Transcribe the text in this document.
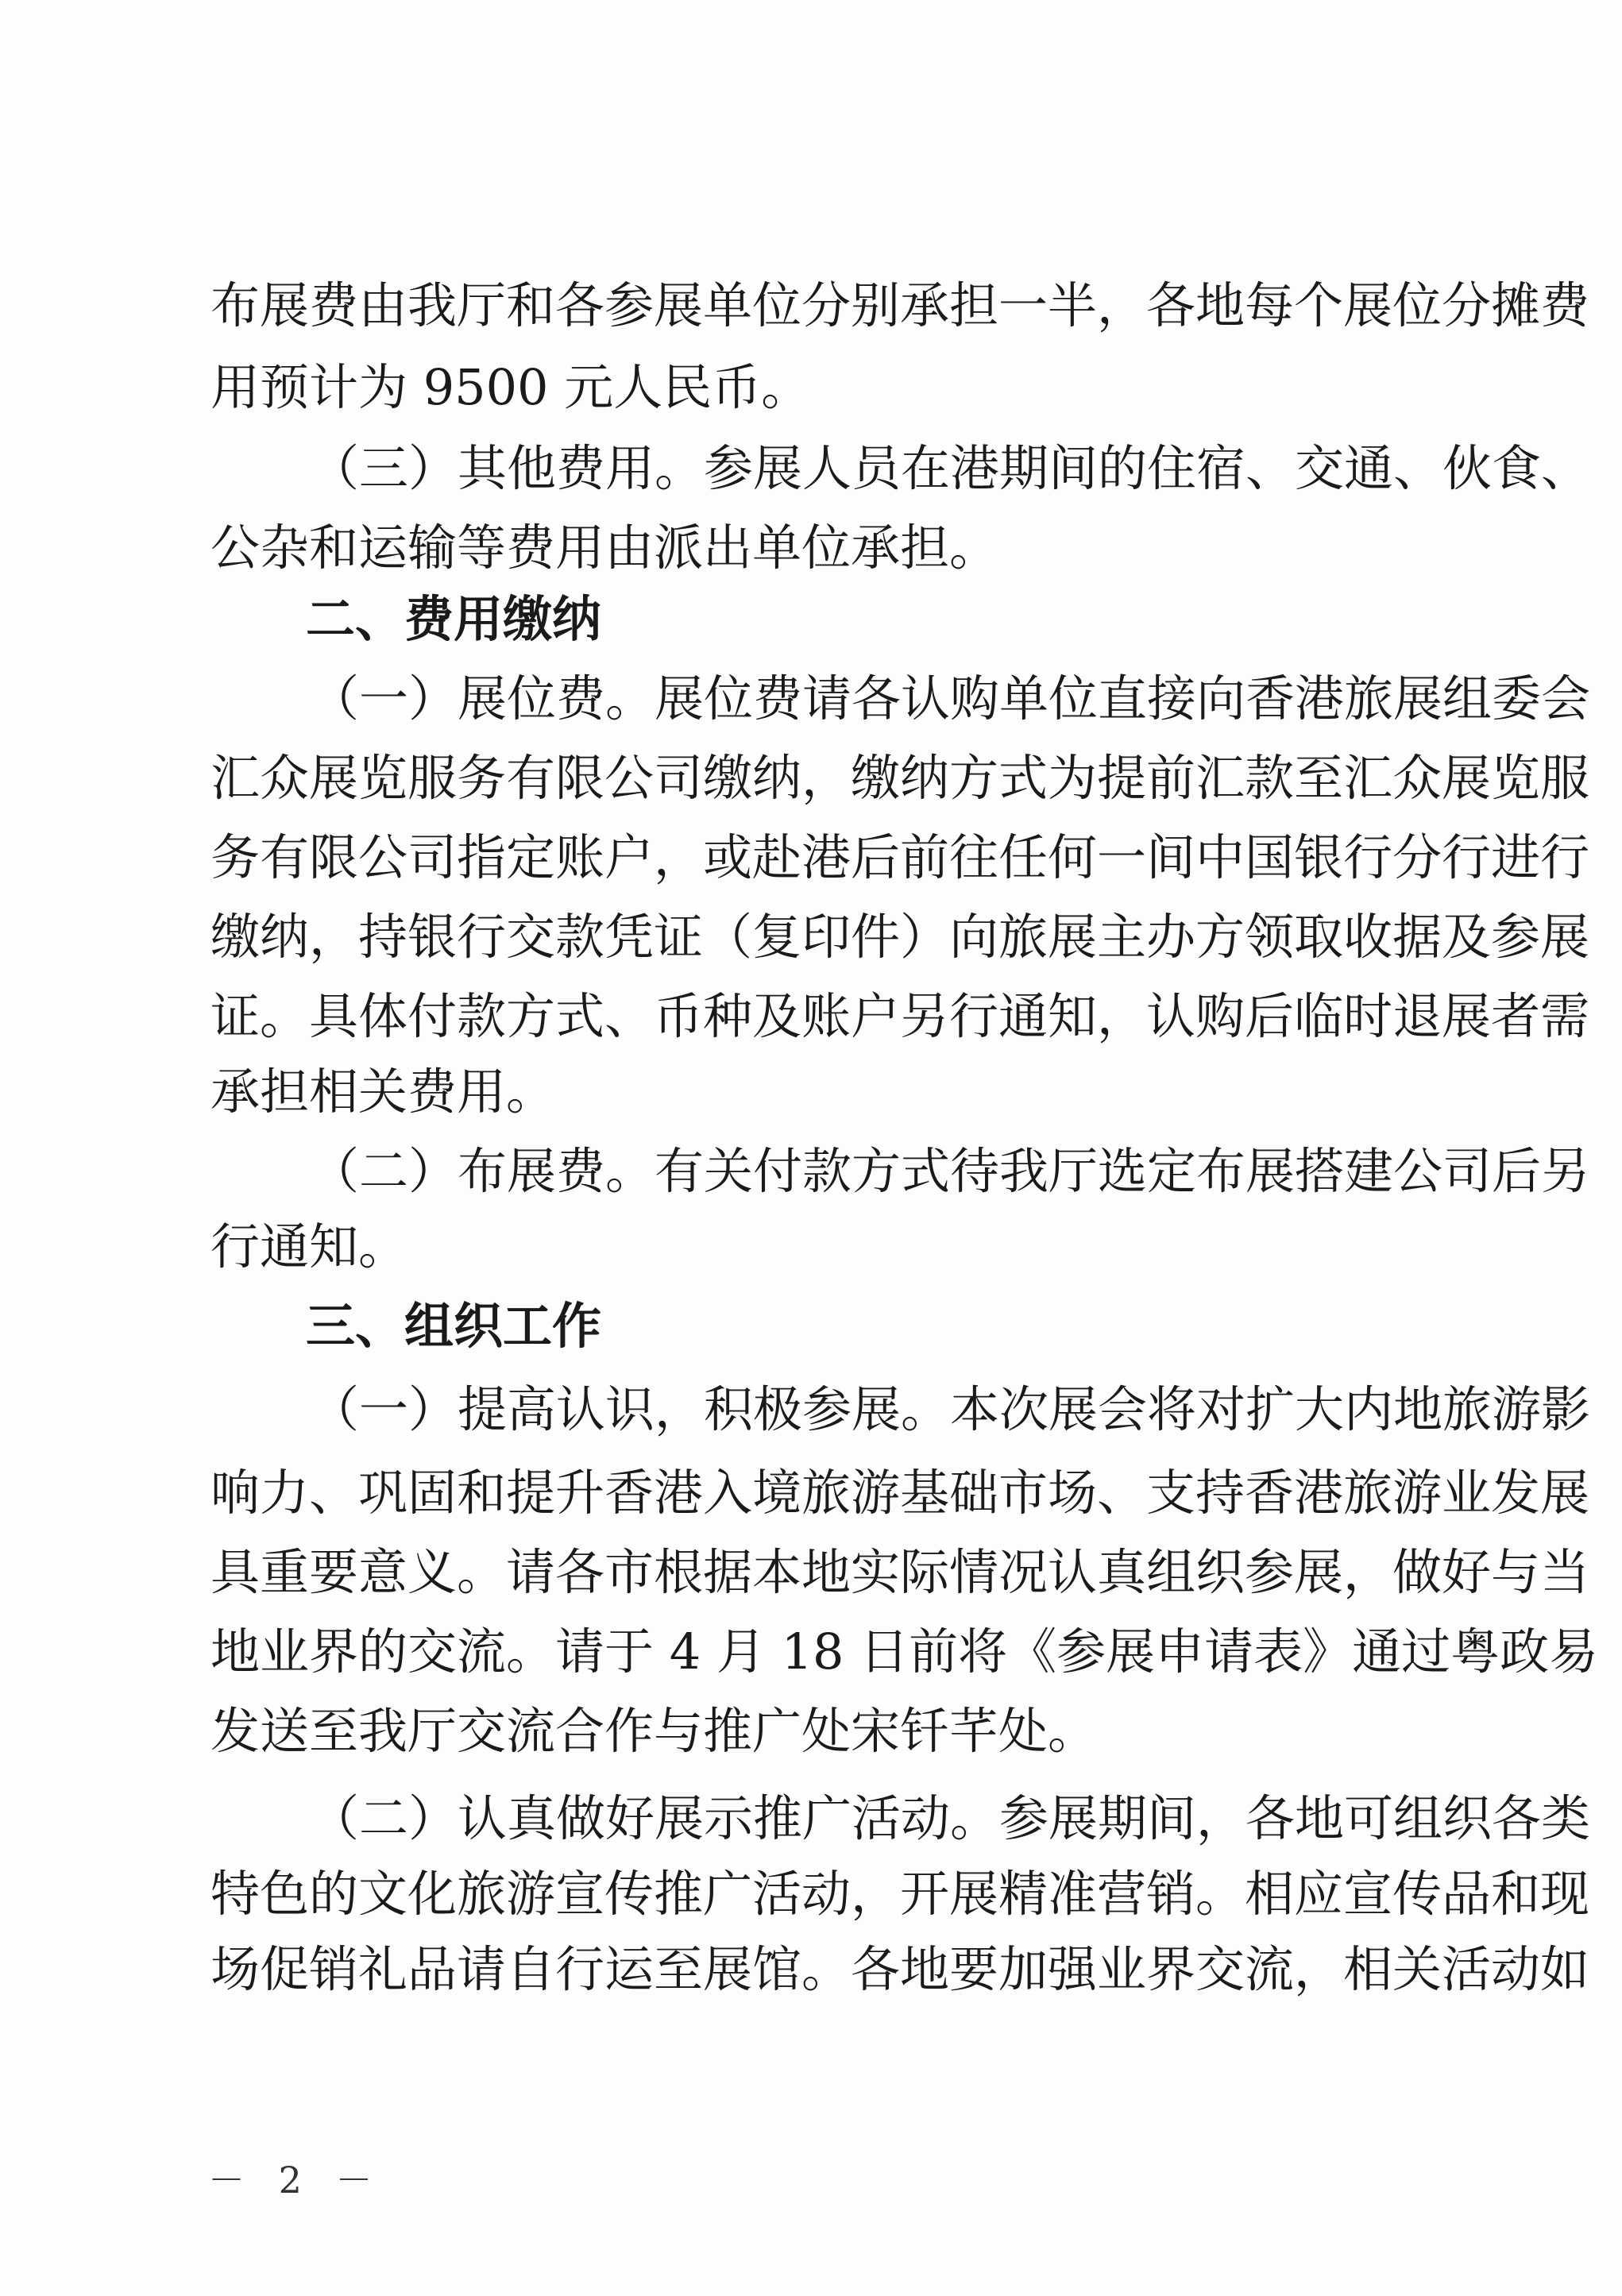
布展费由我厅和各参展单位分别承担一半，各地每个展位分摊费
用预计为 9500 元人民币。
（三）其他费用。参展人员在港期间的住宿、交通、伙食、
公杂和运输等费用由派出单位承担。
二、费用缴纳
（一）展位费。展位费请各认购单位直接向香港旅展组委会
汇众展览服务有限公司缴纳，缴纳方式为提前汇款至汇众展览服
务有限公司指定账户，或赴港后前往任何一间中国银行分行进行
缴纳，持银行交款凭证（复印件）向旅展主办方领取收据及参展
证。具体付款方式、币种及账户另行通知，认购后临时退展者需
承担相关费用。
（二）布展费。有关付款方式待我厅选定布展搭建公司后另
行通知。
三、组织工作
（一）提高认识，积极参展。本次展会将对扩大内地旅游影
响力、巩固和提升香港入境旅游基础市场、支持香港旅游业发展
具重要意义。请各市根据本地实际情况认真组织参展，做好与当
地业界的交流。请于 4 月 18 日前将《参展申请表》通过粤政易
发送至我厅交流合作与推广处宋钎芊处。
（二）认真做好展示推广活动。参展期间，各地可组织各类
特色的文化旅游宣传推广活动，开展精准营销。相应宣传品和现
场促销礼品请自行运至展馆。各地要加强业界交流，相关活动如
－ 2 －
